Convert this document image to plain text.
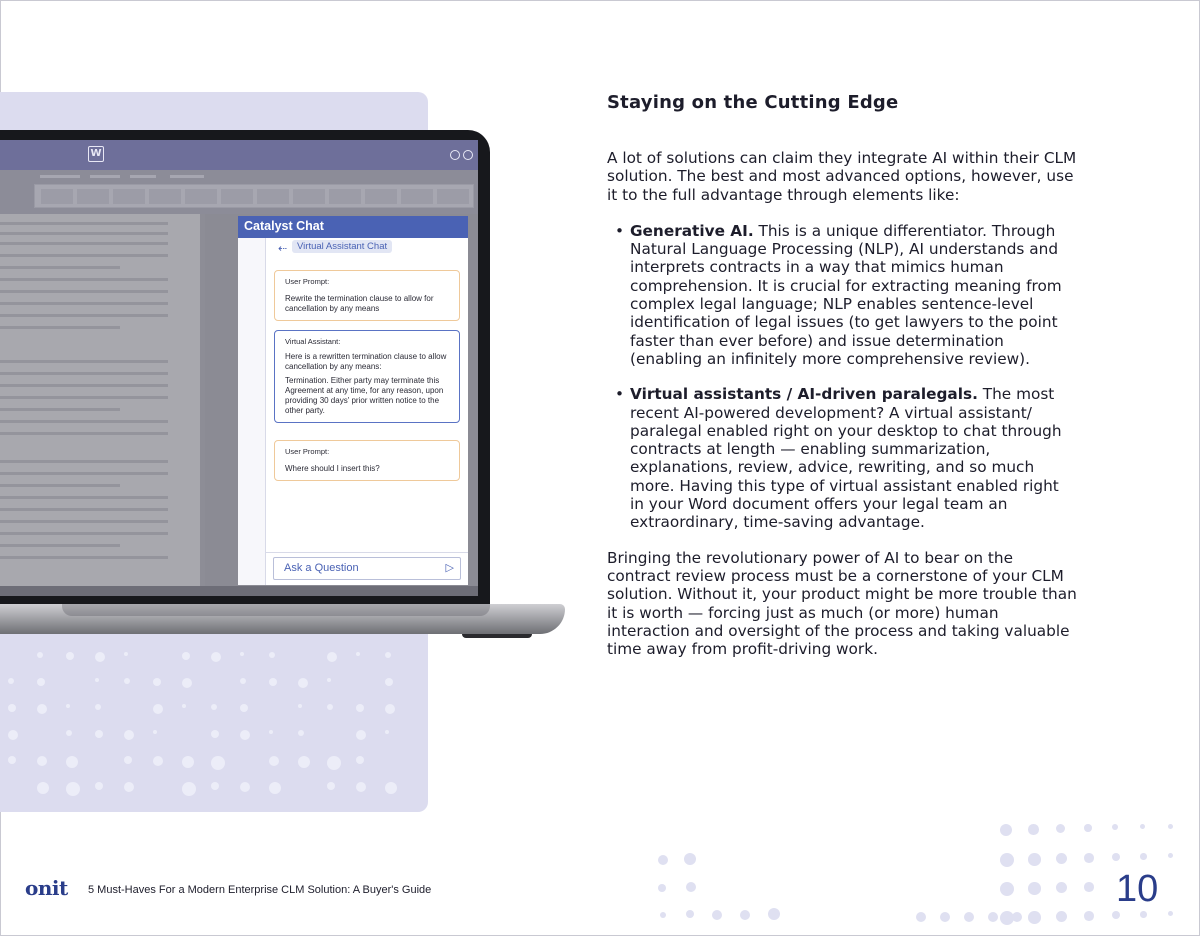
W
Catalyst Chat
⇠	Virtual Assistant Chat
User Prompt:
Rewrite the termination clause to allow for cancellation by any means
Virtual Assistant:
Here is a rewritten termination clause to allow cancellation by any means:
Termination. Either party may terminate this Agreement at any time, for any reason, upon providing 30 days' prior written notice to the other party.
User Prompt:
Where should I insert this?
Ask a Question	▷
Staying on the Cutting Edge
A lot of solutions can claim they integrate AI within their CLM solution. The best and most advanced options, however, use it to the full advantage through elements like:
• Generative AI. This is a unique differentiator. Through Natural Language Processing (NLP), AI understands and interprets contracts in a way that mimics human comprehension. It is crucial for extracting meaning from complex legal language; NLP enables sentence-level identification of legal issues (to get lawyers to the point faster than ever before) and issue determination (enabling an infinitely more comprehensive review).
• Virtual assistants / AI-driven paralegals. The most recent AI-powered development? A virtual assistant/ paralegal enabled right on your desktop to chat through contracts at length — enabling summarization, explanations, review, advice, rewriting, and so much more. Having this type of virtual assistant enabled right in your Word document offers your legal team an extraordinary, time-saving advantage.
Bringing the revolutionary power of AI to bear on the contract review process must be a cornerstone of your CLM solution. Without it, your product might be more trouble than it is worth — forcing just as much (or more) human interaction and oversight of the process and taking valuable time away from profit-driving work.
onit 5 Must-Haves For a Modern Enterprise CLM Solution: A Buyer's Guide	10
